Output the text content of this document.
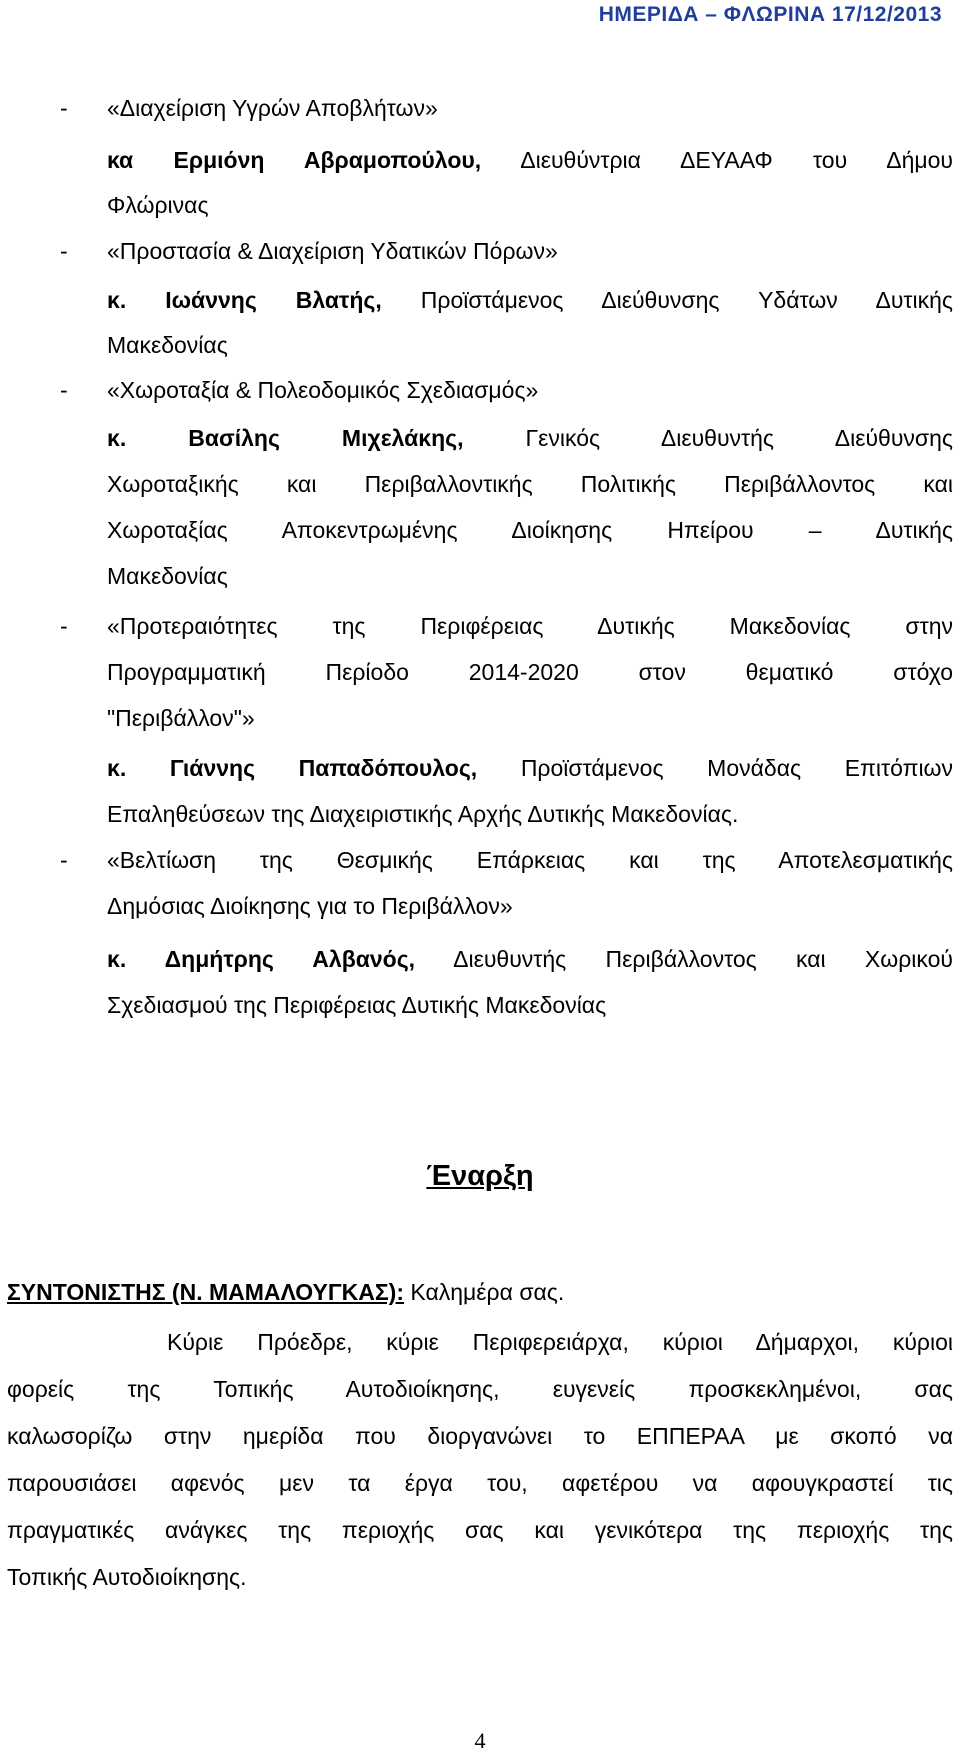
ΗΜΕΡΙΔΑ – ΦΛΩΡΙΝΑ 17/12/2013
- «Διαχείριση Υγρών Αποβλήτων»
κα Ερμιόνη Αβραμοπούλου, Διευθύντρια ΔΕΥΑΑΦ του Δήμου
Φλώρινας
- «Προστασία & Διαχείριση Υδατικών Πόρων»
κ. Ιωάννης Βλατής, Προϊστάμενος Διεύθυνσης Υδάτων Δυτικής
Μακεδονίας
- «Χωροταξία & Πολεοδομικός Σχεδιασμός»
κ. Βασίλης Μιχελάκης,	Γενικός Διευθυντής Διεύθυνσης
Χωροταξικής και Περιβαλλοντικής Πολιτικής Περιβάλλοντος και
Χωροταξίας Αποκεντρωμένης Διοίκησης Ηπείρου – Δυτικής
Μακεδονίας
- «Προτεραιότητες της Περιφέρειας Δυτικής Μακεδονίας στην
Προγραμματική Περίοδο 2014-2020 στον θεματικό στόχο
"Περιβάλλον"»
κ. Γιάννης Παπαδόπουλος, Προϊστάμενος Μονάδας Επιτόπιων
Επαληθεύσεων της Διαχειριστικής Αρχής Δυτικής Μακεδονίας.
- «Βελτίωση της Θεσμικής Επάρκειας και της Αποτελεσματικής
Δημόσιας Διοίκησης για το Περιβάλλον»
κ. Δημήτρης Αλβανός, Διευθυντής Περιβάλλοντος και Χωρικού
Σχεδιασμού της Περιφέρειας Δυτικής Μακεδονίας
Έναρξη
ΣΥΝΤΟΝΙΣΤΗΣ (Ν. ΜΑΜΑΛΟΥΓΚΑΣ): Καλημέρα σας.
Κύριε Πρόεδρε, κύριε Περιφερειάρχα, κύριοι Δήμαρχοι, κύριοι
φορείς της Τοπικής Αυτοδιοίκησης, ευγενείς προσκεκλημένοι, σας
καλωσορίζω στην ημερίδα που διοργανώνει το ΕΠΠΕΡΑΑ με σκοπό να
παρουσιάσει αφενός μεν τα έργα του, αφετέρου να αφουγκραστεί τις
πραγματικές ανάγκες της περιοχής σας και γενικότερα της περιοχής της
Τοπικής Αυτοδιοίκησης.
4
